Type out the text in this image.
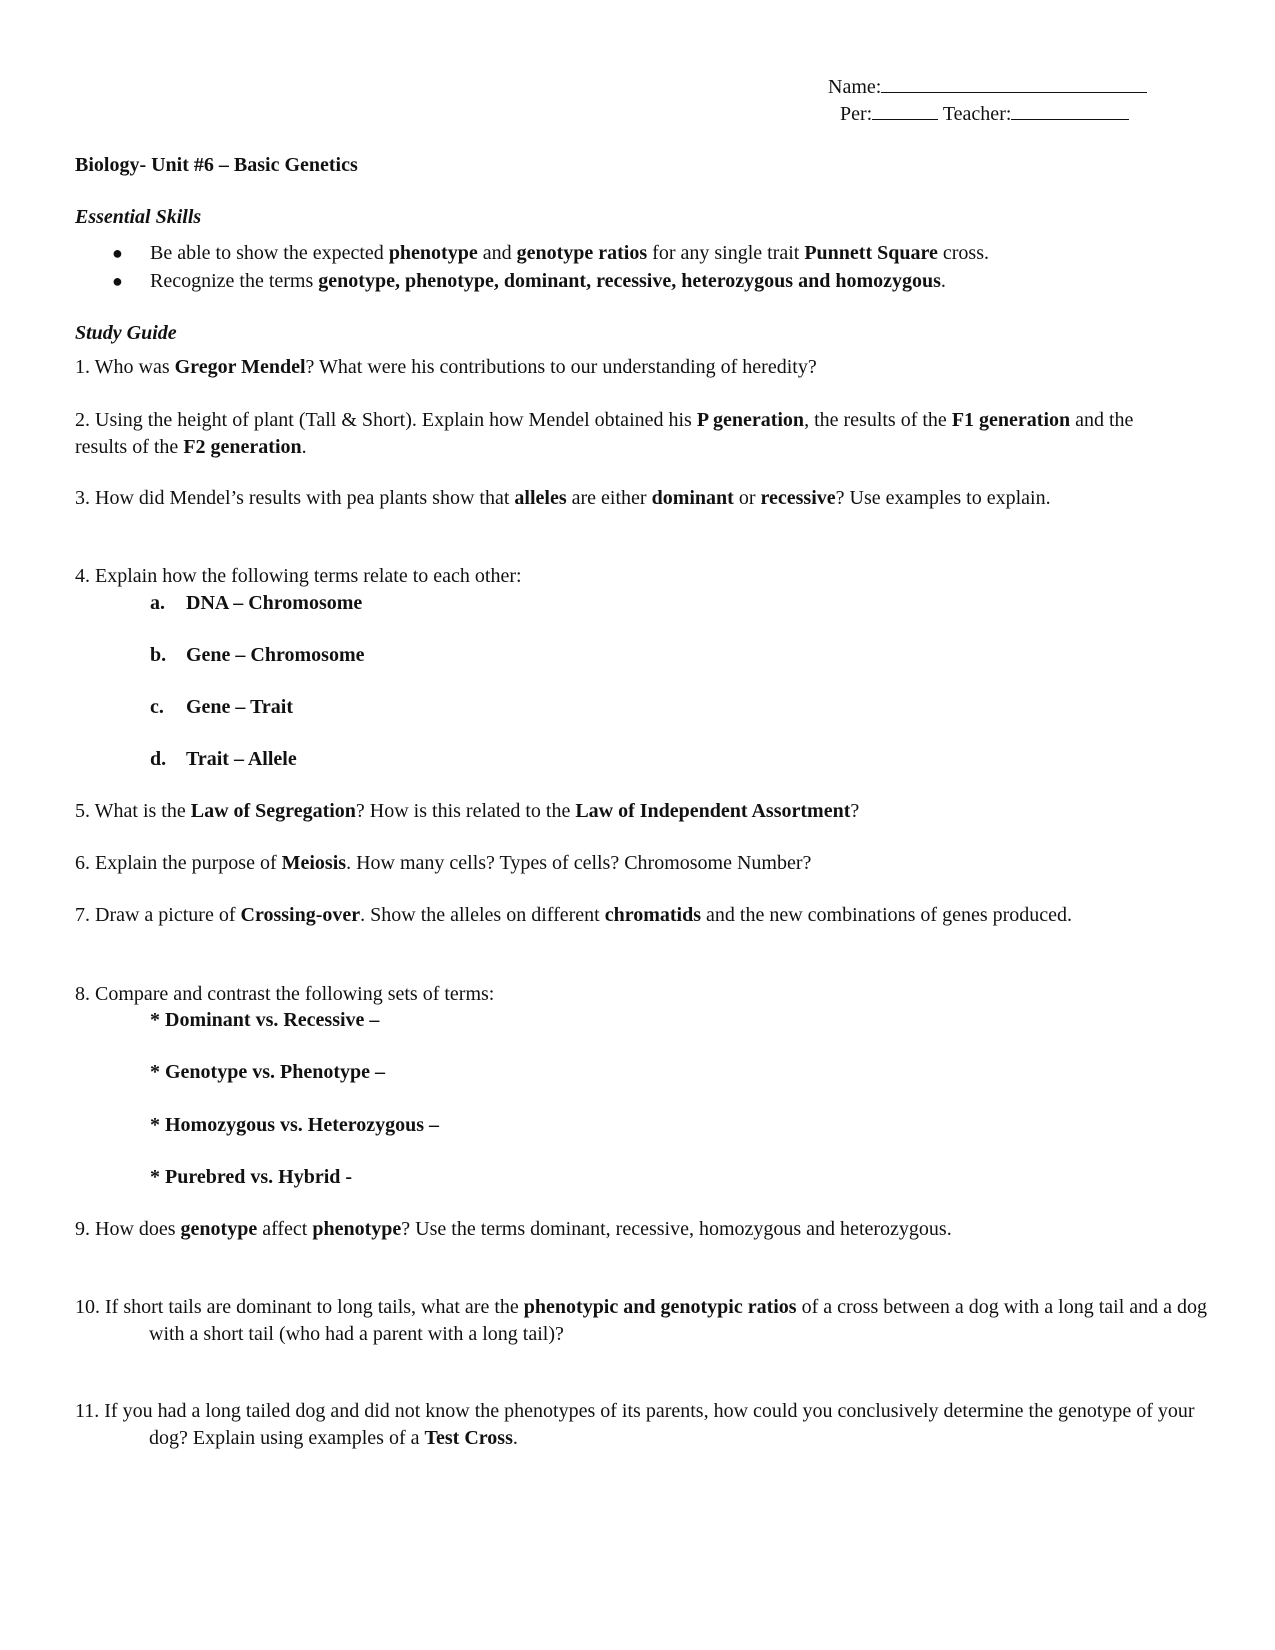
Name:
Per:	Teacher:
Biology- Unit #6 – Basic Genetics
Essential Skills
● Be able to show the expected phenotype and genotype ratios for any single trait Punnett Square cross.
● Recognize the terms genotype, phenotype, dominant, recessive, heterozygous and homozygous.
Study Guide
1. Who was Gregor Mendel? What were his contributions to our understanding of heredity?
2. Using the height of plant (Tall & Short). Explain how Mendel obtained his P generation, the results of the F1 generation and the results of the F2 generation.
3. How did Mendel’s results with pea plants show that alleles are either dominant or recessive? Use examples to explain.
4. Explain how the following terms relate to each other:
a. DNA – Chromosome
b. Gene – Chromosome
c. Gene – Trait
d. Trait – Allele
5. What is the Law of Segregation? How is this related to the Law of Independent Assortment?
6. Explain the purpose of Meiosis. How many cells? Types of cells? Chromosome Number?
7. Draw a picture of Crossing-over. Show the alleles on different chromatids and the new combinations of genes produced.
8. Compare and contrast the following sets of terms:
* Dominant vs. Recessive –
* Genotype vs. Phenotype –
* Homozygous vs. Heterozygous –
* Purebred vs. Hybrid -
9. How does genotype affect phenotype? Use the terms dominant, recessive, homozygous and heterozygous.
10. If short tails are dominant to long tails, what are the phenotypic and genotypic ratios of a cross between a dog with a long tail and a dog with a short tail (who had a parent with a long tail)?
11. If you had a long tailed dog and did not know the phenotypes of its parents, how could you conclusively determine the genotype of your dog? Explain using examples of a Test Cross.
